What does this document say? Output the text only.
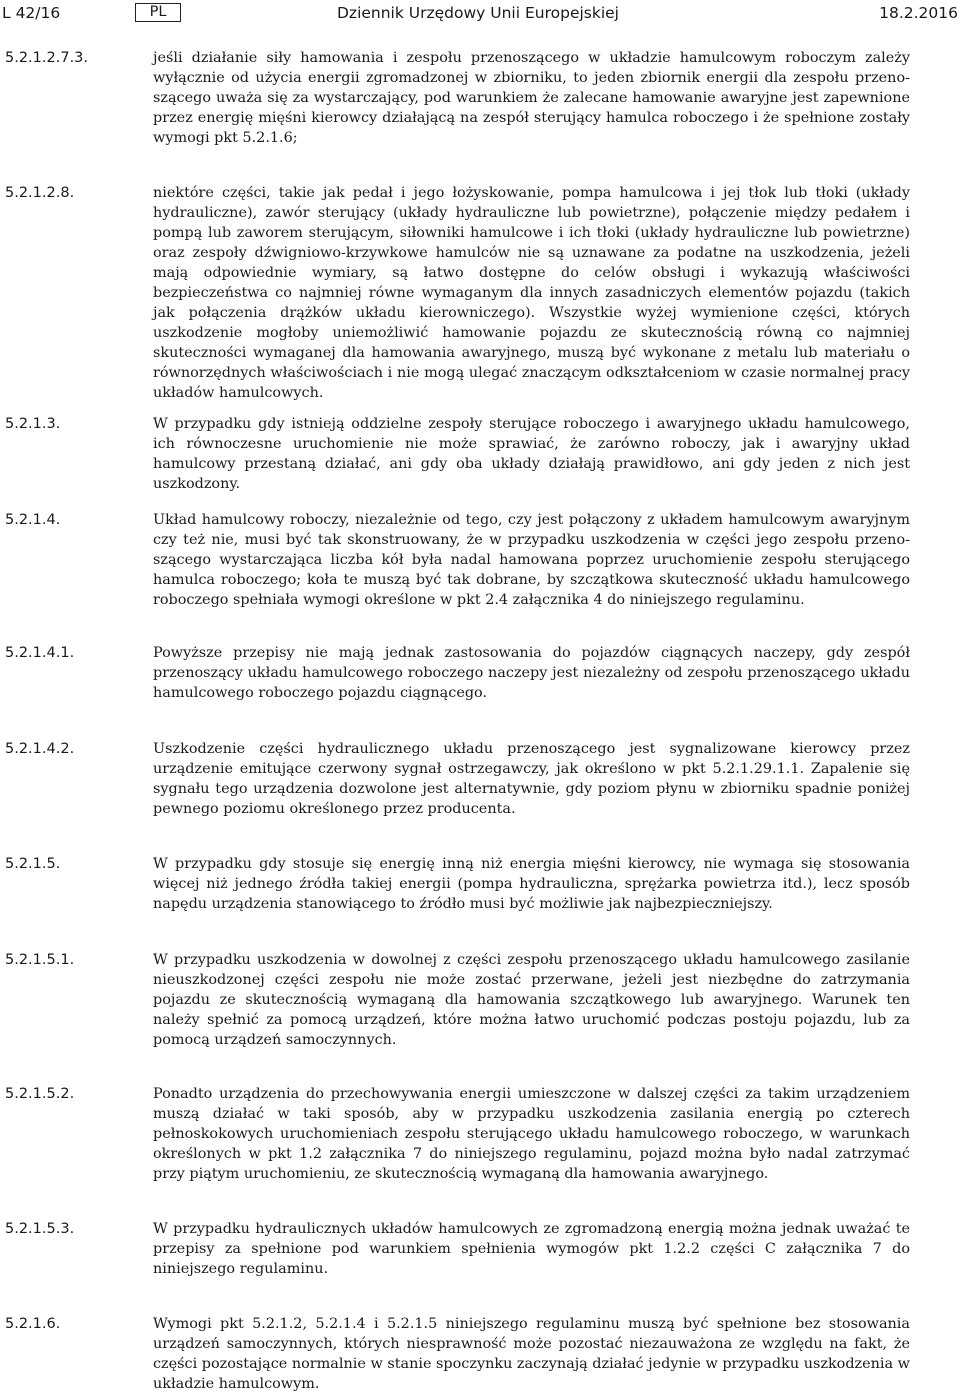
L 42/16	PL	Dziennik Urzędowy Unii Europejskiej	18.2.2016
5.2.1.2.7.3.	jeśli działanie siły hamowania i zespołu przenoszącego w układzie hamulcowym roboczym zależy wyłącznie od użycia energii zgromadzonej w zbiorniku, to jeden zbiornik energii dla zespołu przenoszącego uważa się za wystarczający, pod warunkiem że zalecane hamowanie awaryjne jest zapewnione przez energię mięśni kierowcy działającą na zespół sterujący hamulca roboczego i że spełnione zostały wymogi pkt 5.2.1.6;
5.2.1.2.8.	niektóre części, takie jak pedał i jego łożyskowanie, pompa hamulcowa i jej tłok lub tłoki (układy hydrauliczne), zawór sterujący (układy hydrauliczne lub powietrzne), połączenie między pedałem i pompą lub zaworem sterującym, siłowniki hamulcowe i ich tłoki (układy hydrauliczne lub powietrzne) oraz zespoły dźwigniowo-krzywkowe hamulców nie są uznawane za podatne na uszkodzenia, jeżeli mają odpowiednie wymiary, są łatwo dostępne do celów obsługi i wykazują właściwości bezpieczeństwa co najmniej równe wymaganym dla innych zasadniczych elementów pojazdu (takich jak połączenia drążków układu kierowniczego). Wszystkie wyżej wymienione części, których uszkodzenie mogłoby uniemożliwić hamowanie pojazdu ze skutecznością równą co najmniej skuteczności wymaganej dla hamowania awaryjnego, muszą być wykonane z metalu lub materiału o równorzędnych właściwościach i nie mogą ulegać znaczącym odkształceniom w czasie normalnej pracy układów hamulcowych.
5.2.1.3.	W przypadku gdy istnieją oddzielne zespoły sterujące roboczego i awaryjnego układu hamulcowego, ich równoczesne uruchomienie nie może sprawiać, że zarówno roboczy, jak i awaryjny układ hamulcowy przestaną działać, ani gdy oba układy działają prawidłowo, ani gdy jeden z nich jest uszkodzony.
5.2.1.4.	Układ hamulcowy roboczy, niezależnie od tego, czy jest połączony z układem hamulcowym awaryjnym czy też nie, musi być tak skonstruowany, że w przypadku uszkodzenia w części jego zespołu przenoszącego wystarczająca liczba kół była nadal hamowana poprzez uruchomienie zespołu sterującego hamulca roboczego; koła te muszą być tak dobrane, by szczątkowa skuteczność układu hamulcowego roboczego spełniała wymogi określone w pkt 2.4 załącznika 4 do niniejszego regulaminu.
5.2.1.4.1.	Powyższe przepisy nie mają jednak zastosowania do pojazdów ciągnących naczepy, gdy zespół przenoszący układu hamulcowego roboczego naczepy jest niezależny od zespołu przenoszącego układu hamulcowego roboczego pojazdu ciągnącego.
5.2.1.4.2.	Uszkodzenie części hydraulicznego układu przenoszącego jest sygnalizowane kierowcy przez urządzenie emitujące czerwony sygnał ostrzegawczy, jak określono w pkt 5.2.1.29.1.1. Zapalenie się sygnału tego urządzenia dozwolone jest alternatywnie, gdy poziom płynu w zbiorniku spadnie poniżej pewnego poziomu określonego przez producenta.
5.2.1.5.	W przypadku gdy stosuje się energię inną niż energia mięśni kierowcy, nie wymaga się stosowania więcej niż jednego źródła takiej energii (pompa hydrauliczna, sprężarka powietrza itd.), lecz sposób napędu urządzenia stanowiącego to źródło musi być możliwie jak najbezpieczniejszy.
5.2.1.5.1.	W przypadku uszkodzenia w dowolnej z części zespołu przenoszącego układu hamulcowego zasilanie nieuszkodzonej części zespołu nie może zostać przerwane, jeżeli jest niezbędne do zatrzymania pojazdu ze skutecznością wymaganą dla hamowania szczątkowego lub awaryjnego. Warunek ten należy spełnić za pomocą urządzeń, które można łatwo uruchomić podczas postoju pojazdu, lub za pomocą urządzeń samoczynnych.
5.2.1.5.2.	Ponadto urządzenia do przechowywania energii umieszczone w dalszej części za takim urządzeniem muszą działać w taki sposób, aby w przypadku uszkodzenia zasilania energią po czterech pełnoskokowych uruchomieniach zespołu sterującego układu hamulcowego roboczego, w warunkach określonych w pkt 1.2 załącznika 7 do niniejszego regulaminu, pojazd można było nadal zatrzymać przy piątym uruchomieniu, ze skutecznością wymaganą dla hamowania awaryjnego.
5.2.1.5.3.	W przypadku hydraulicznych układów hamulcowych ze zgromadzoną energią można jednak uważać te przepisy za spełnione pod warunkiem spełnienia wymogów pkt 1.2.2 części C załącznika 7 do niniejszego regulaminu.
5.2.1.6.	Wymogi pkt 5.2.1.2, 5.2.1.4 i 5.2.1.5 niniejszego regulaminu muszą być spełnione bez stosowania urządzeń samoczynnych, których niesprawność może pozostać niezauważona ze względu na fakt, że części pozostające normalnie w stanie spoczynku zaczynają działać jedynie w przypadku uszkodzenia w układzie hamulcowym.
